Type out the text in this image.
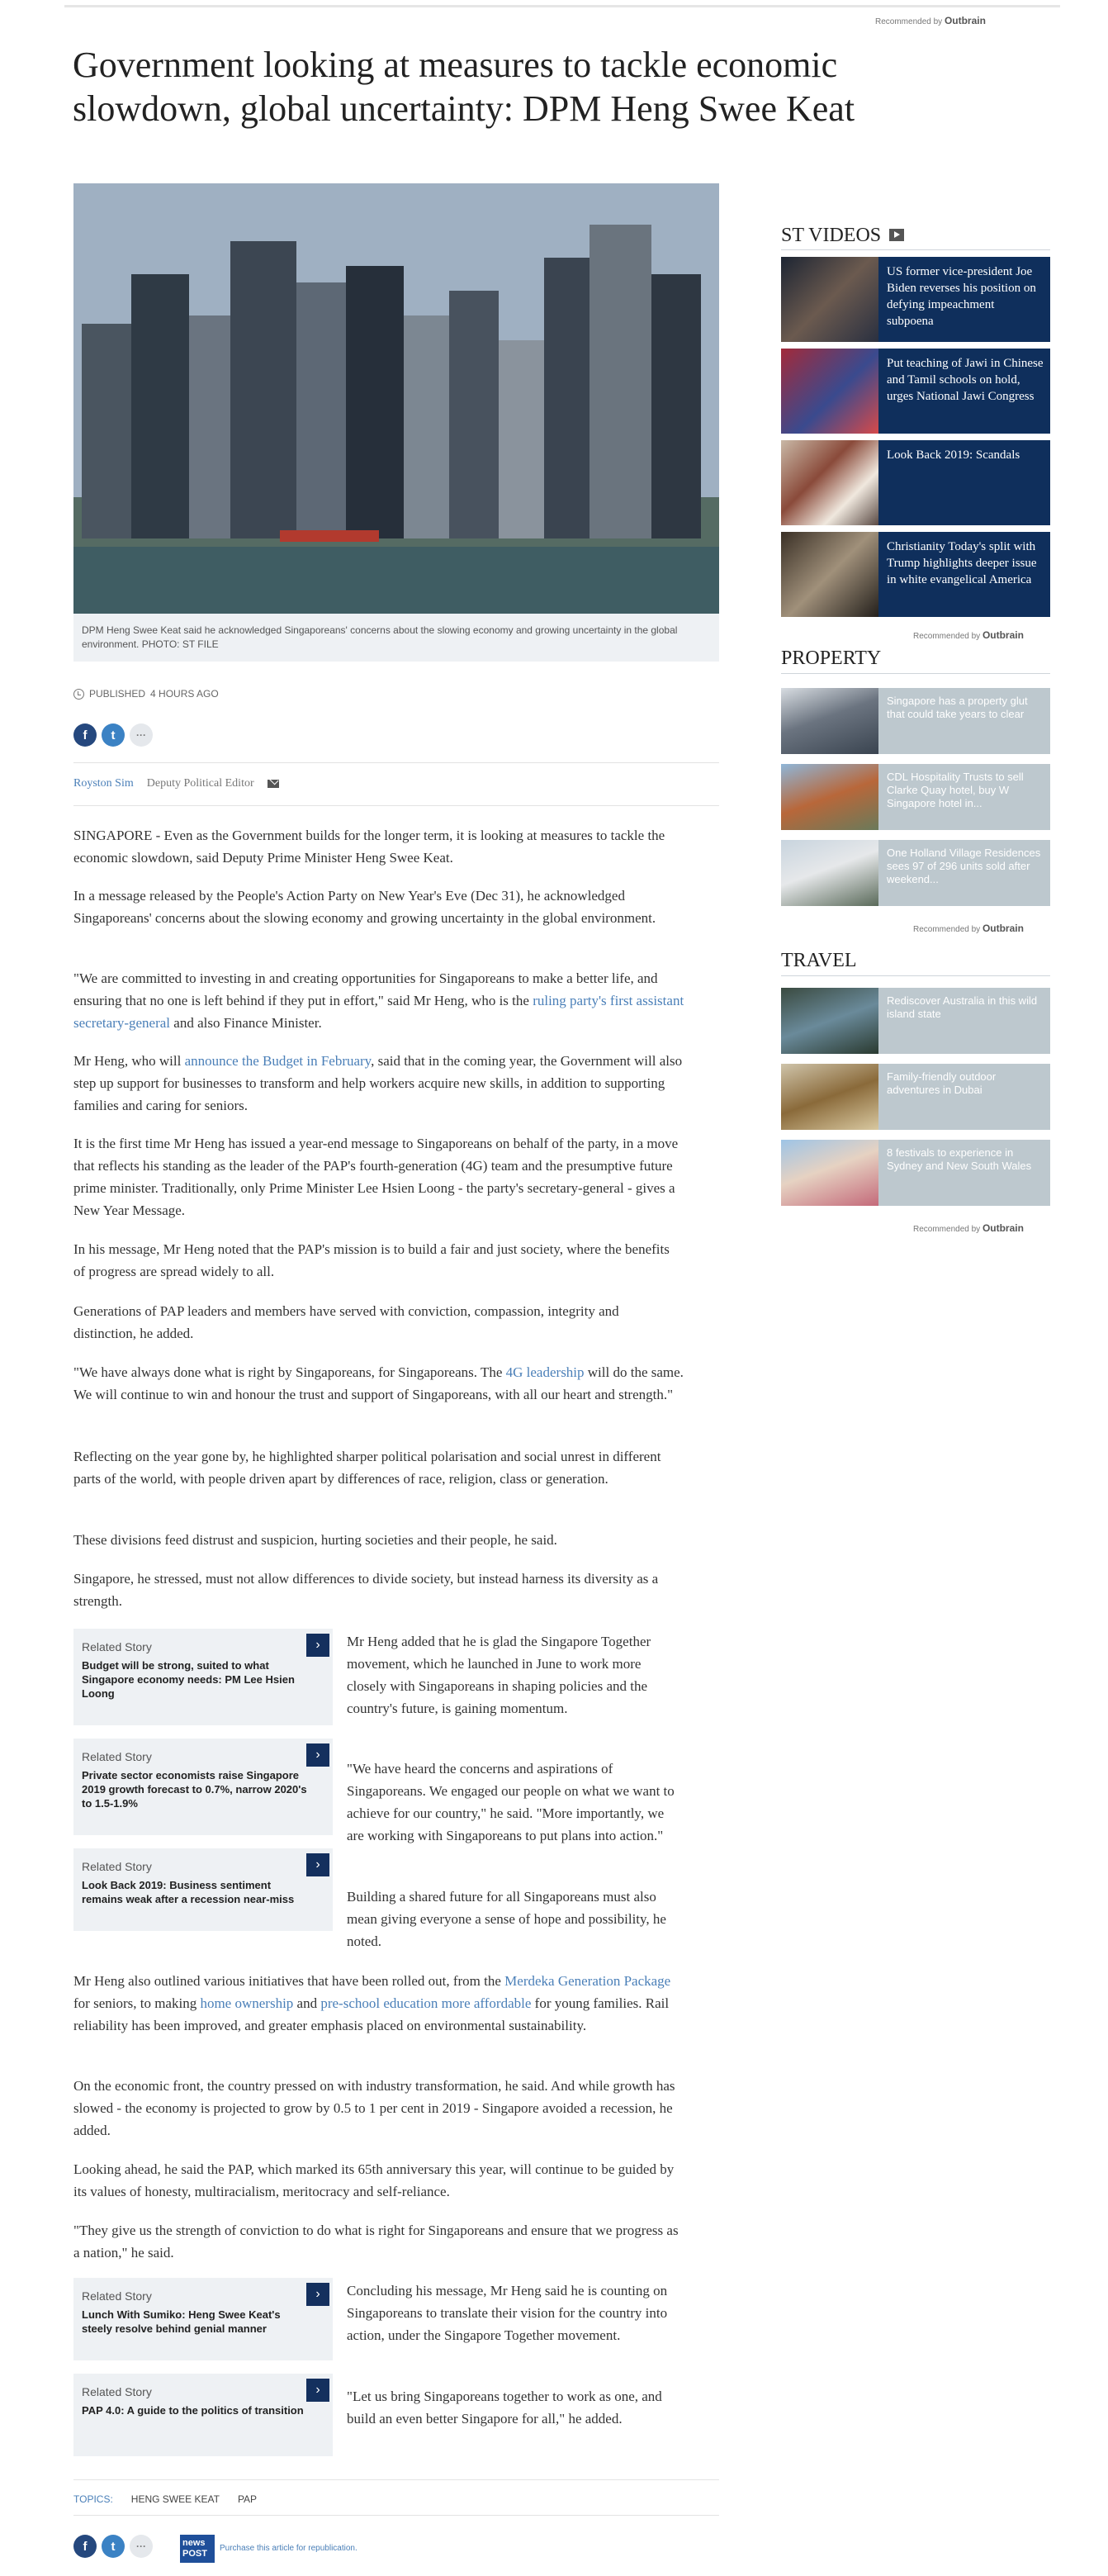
Recommended by Outbrain
Government looking at measures to tackle economic slowdown, global uncertainty: DPM Heng Swee Keat
DPM Heng Swee Keat said he acknowledged Singaporeans' concerns about the slowing economy and growing uncertainty in the global environment. PHOTO: ST FILE
PUBLISHED 4 HOURS AGO
f	t	···
Royston Sim Deputy Political Editor
SINGAPORE - Even as the Government builds for the longer term, it is looking at measures to tackle the economic slowdown, said Deputy Prime Minister Heng Swee Keat.
In a message released by the People's Action Party on New Year's Eve (Dec 31), he acknowledged Singaporeans' concerns about the slowing economy and growing uncertainty in the global environment.
"We are committed to investing in and creating opportunities for Singaporeans to make a better life, and ensuring that no one is left behind if they put in effort," said Mr Heng, who is the ruling party's first assistant secretary-general and also Finance Minister.
Mr Heng, who will announce the Budget in February, said that in the coming year, the Government will also step up support for businesses to transform and help workers acquire new skills, in addition to supporting families and caring for seniors.
It is the first time Mr Heng has issued a year-end message to Singaporeans on behalf of the party, in a move that reflects his standing as the leader of the PAP's fourth-generation (4G) team and the presumptive future prime minister. Traditionally, only Prime Minister Lee Hsien Loong - the party's secretary-general - gives a New Year Message.
In his message, Mr Heng noted that the PAP's mission is to build a fair and just society, where the benefits of progress are spread widely to all.
Generations of PAP leaders and members have served with conviction, compassion, integrity and distinction, he added.
"We have always done what is right by Singaporeans, for Singaporeans. The 4G leadership will do the same. We will continue to win and honour the trust and support of Singaporeans, with all our heart and strength."
Reflecting on the year gone by, he highlighted sharper political polarisation and social unrest in different parts of the world, with people driven apart by differences of race, religion, class or generation.
These divisions feed distrust and suspicion, hurting societies and their people, he said.
Singapore, he stressed, must not allow differences to divide society, but instead harness its diversity as a strength.
Related Story
Budget will be strong, suited to what Singapore economy needs: PM Lee Hsien Loong
›
Related Story
Private sector economists raise Singapore 2019 growth forecast to 0.7%, narrow 2020's to 1.5-1.9%
›
Related Story
Look Back 2019: Business sentiment remains weak after a recession near-miss
›
Mr Heng added that he is glad the Singapore Together movement, which he launched in June to work more closely with Singaporeans in shaping policies and the country's future, is gaining momentum.
"We have heard the concerns and aspirations of Singaporeans. We engaged our people on what we want to achieve for our country," he said. "More importantly, we are working with Singaporeans to put plans into action."
Building a shared future for all Singaporeans must also mean giving everyone a sense of hope and possibility, he noted.
Mr Heng also outlined various initiatives that have been rolled out, from the Merdeka Generation Package for seniors, to making home ownership and pre-school education more affordable for young families. Rail reliability has been improved, and greater emphasis placed on environmental sustainability.
On the economic front, the country pressed on with industry transformation, he said. And while growth has slowed - the economy is projected to grow by 0.5 to 1 per cent in 2019 - Singapore avoided a recession, he added.
Looking ahead, he said the PAP, which marked its 65th anniversary this year, will continue to be guided by its values of honesty, multiracialism, meritocracy and self-reliance.
"They give us the strength of conviction to do what is right for Singaporeans and ensure that we progress as a nation," he said.
Related Story
Lunch With Sumiko: Heng Swee Keat's steely resolve behind genial manner
›
Related Story
PAP 4.0: A guide to the politics of transition
›
Concluding his message, Mr Heng said he is counting on Singaporeans to translate their vision for the country into action, under the Singapore Together movement.
"Let us bring Singaporeans together to work as one, and build an even better Singapore for all," he added.
TOPICS: HENG SWEE KEAT PAP
f	t	···	news
POST
Purchase this article for republication.
ST VIDEOS
US former vice-president Joe Biden reverses his position on defying impeachment subpoena
Put teaching of Jawi in Chinese and Tamil schools on hold, urges National Jawi Congress
Look Back 2019: Scandals
Christianity Today's split with Trump highlights deeper issue in white evangelical America
Recommended by Outbrain
PROPERTY
Singapore has a property glut that could take years to clear
CDL Hospitality Trusts to sell Clarke Quay hotel, buy W Singapore hotel in...
One Holland Village Residences sees 97 of 296 units sold after weekend...
Recommended by Outbrain
TRAVEL
Rediscover Australia in this wild island state
Family-friendly outdoor adventures in Dubai
8 festivals to experience in Sydney and New South Wales
Recommended by Outbrain
